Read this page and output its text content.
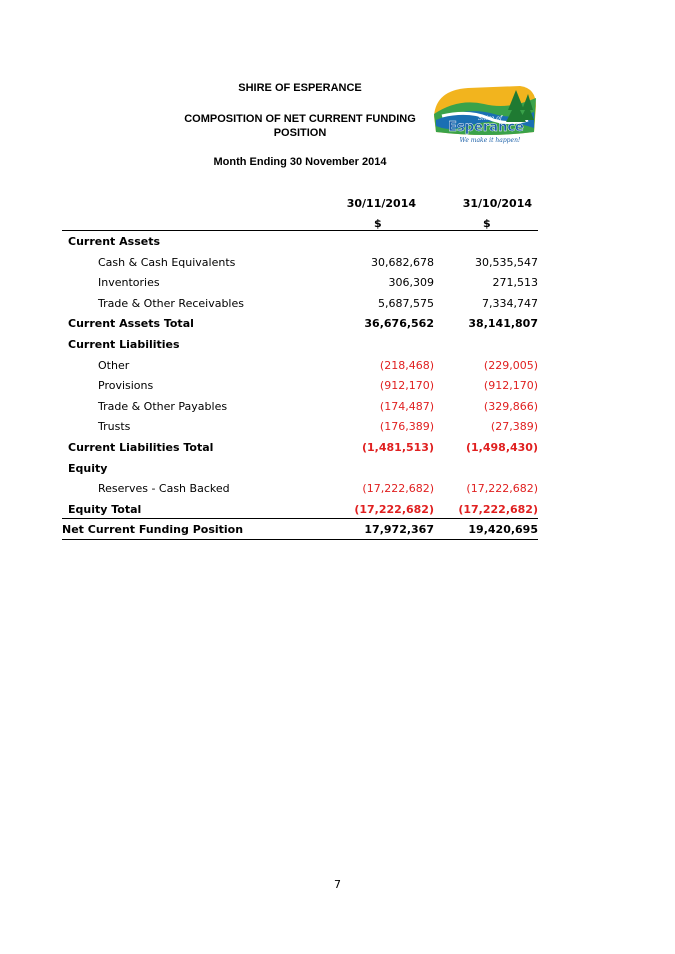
SHIRE OF ESPERANCE
COMPOSITION OF NET CURRENT FUNDING
POSITION
Month Ending 30 November 2014
Shire of
Esperance
We make it happen!
30/11/2014	31/10/2014
$	$
Current Assets
Cash & Cash Equivalents	30,682,678	30,535,547
Inventories	306,309	271,513
Trade & Other Receivables	5,687,575	7,334,747
Current Assets Total	36,676,562	38,141,807
Current Liabilities
Other	(218,468)	(229,005)
Provisions	(912,170)	(912,170)
Trade & Other Payables	(174,487)	(329,866)
Trusts	(176,389)	(27,389)
Current Liabilities Total	(1,481,513)	(1,498,430)
Equity
Reserves - Cash Backed	(17,222,682)	(17,222,682)
Equity Total	(17,222,682) (17,222,682)
Net Current Funding Position	17,972,367	19,420,695
7
